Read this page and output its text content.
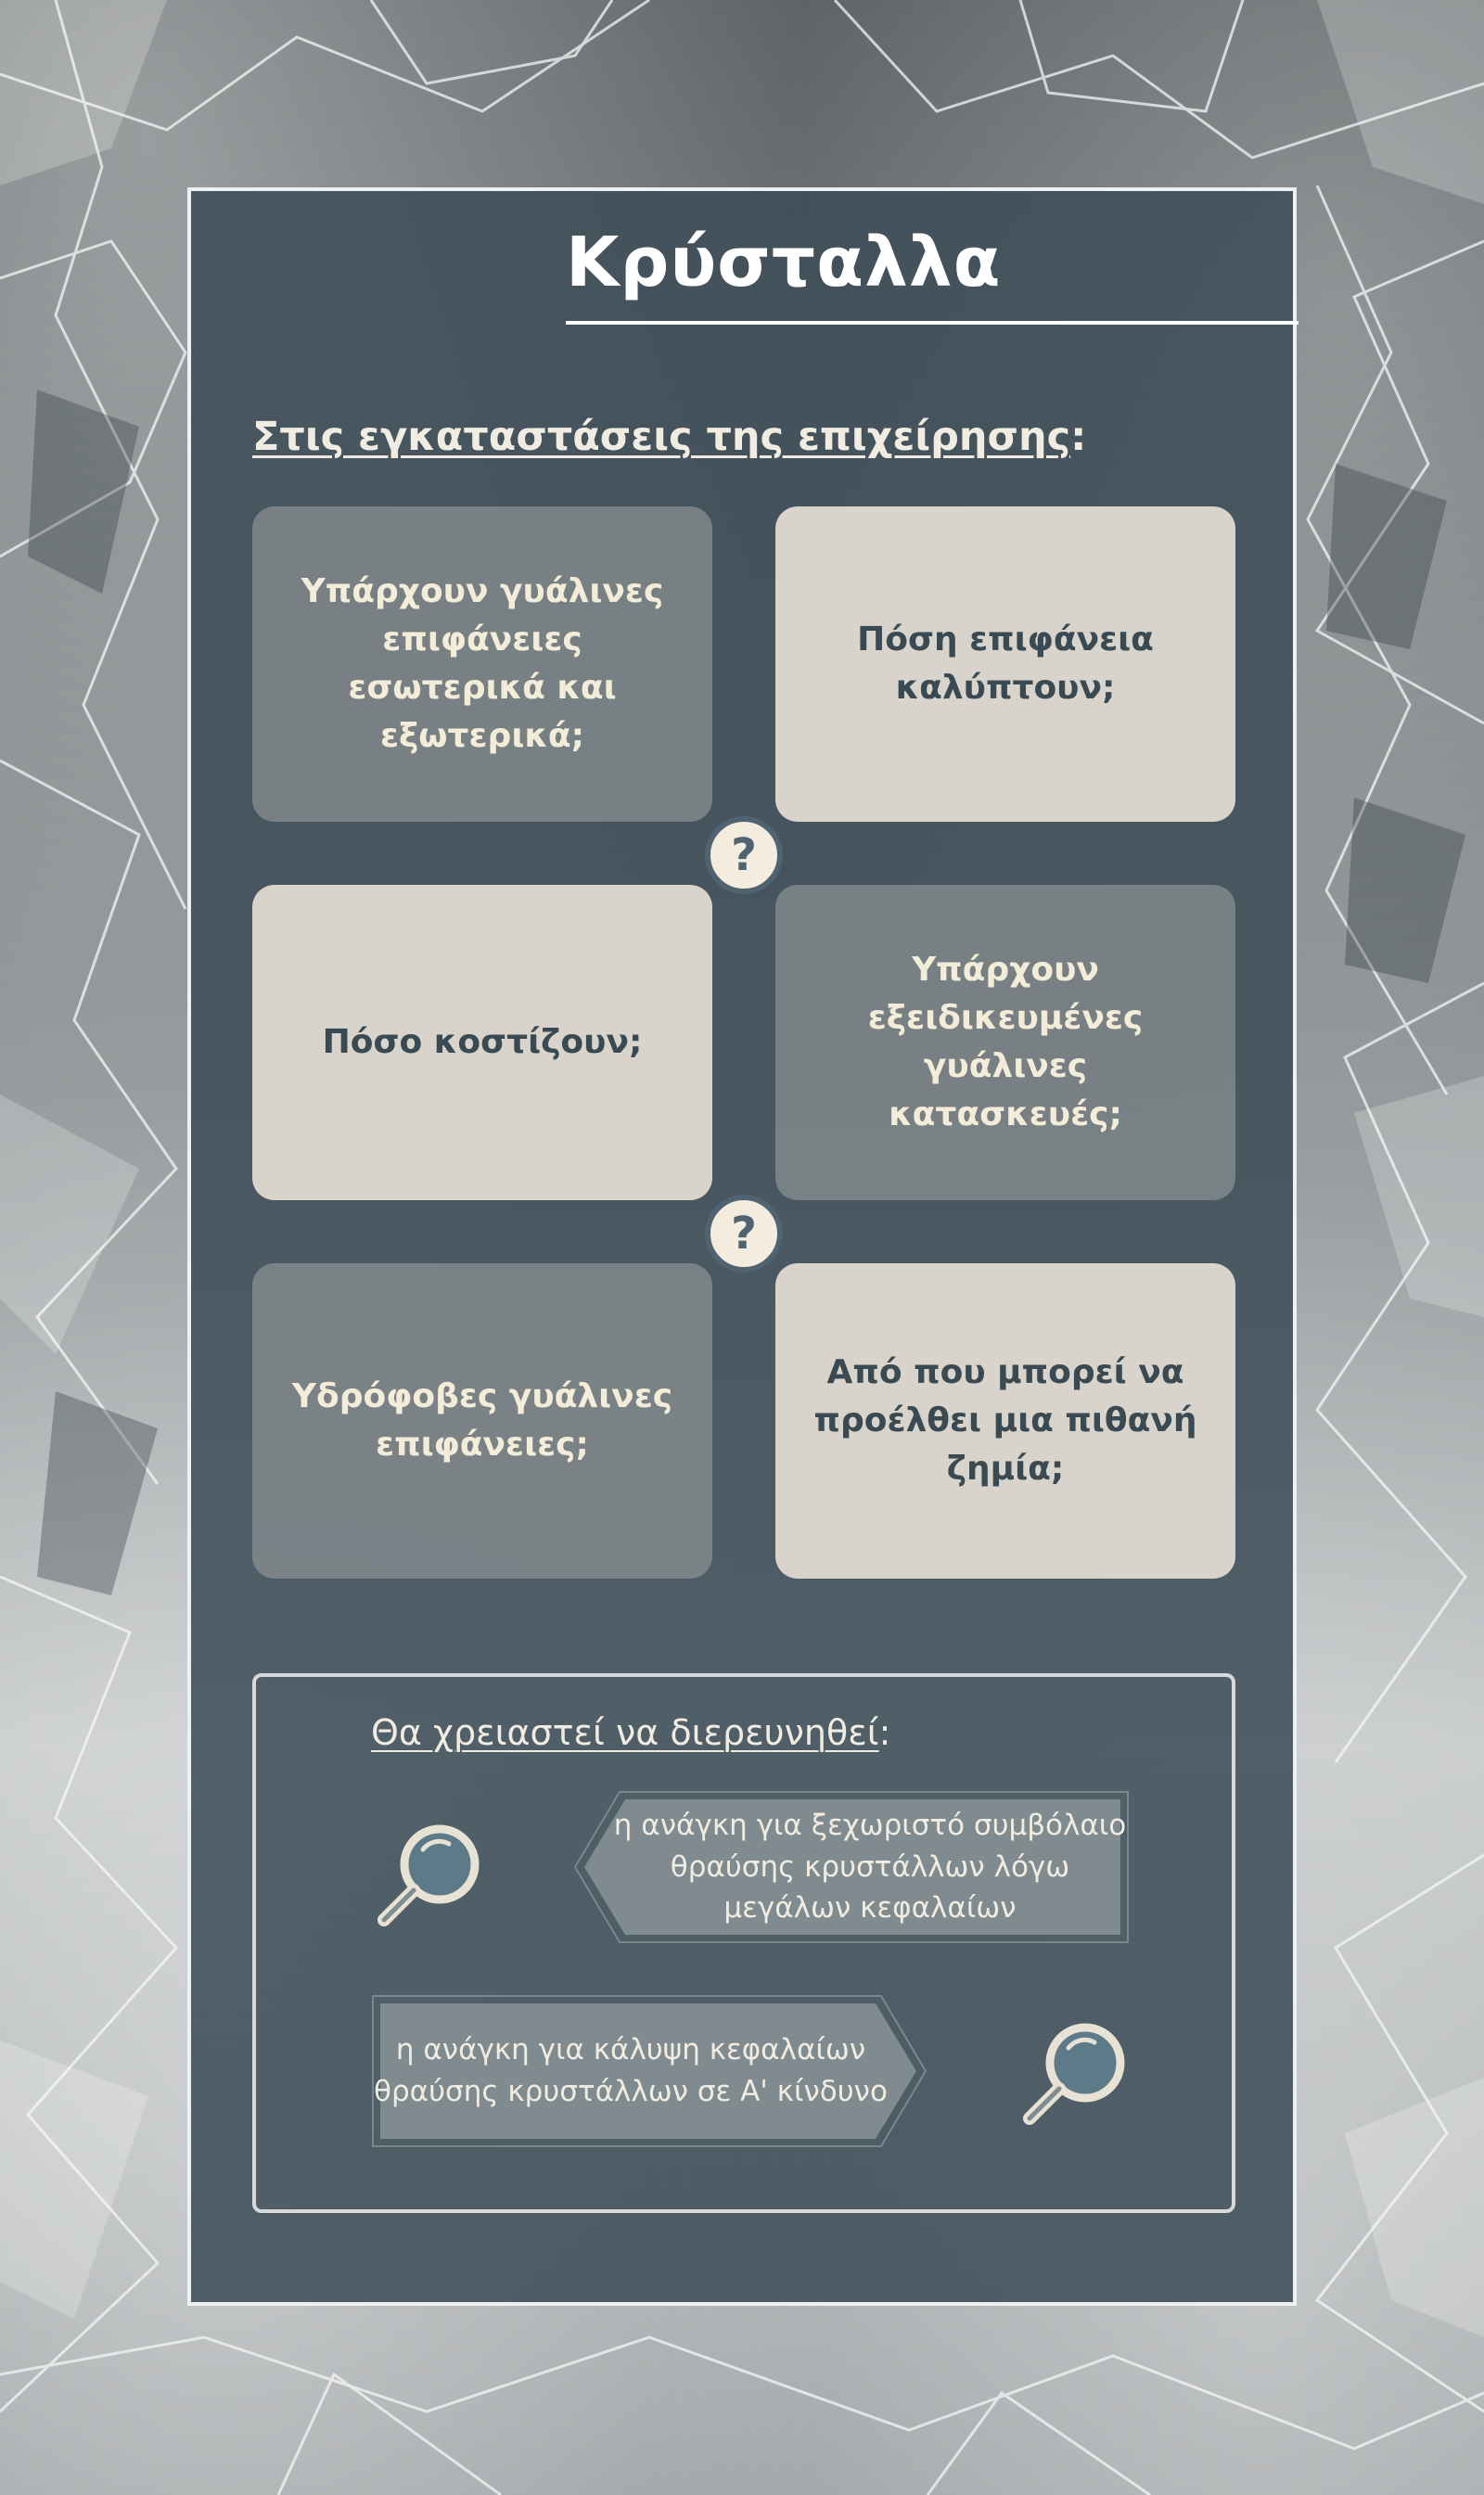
Κρύσταλλα
Στις εγκαταστάσεις της επιχείρησης:
Υπάρχουν γυάλινες επιφάνειες εσωτερικά και εξωτερικά;
Πόση επιφάνεια καλύπτουν;
Πόσο κοστίζουν;
Υπάρχουν εξειδικευμένες γυάλινες κατασκευές;
Υδρόφοβες γυάλινες επιφάνειες;
Από που μπορεί να προέλθει μια πιθανή ζημία;
?
?
Θα χρειαστεί να διερευνηθεί:
η ανάγκη για ξεχωριστό συμβόλαιο θραύσης κρυστάλλων λόγω μεγάλων κεφαλαίων
η ανάγκη για κάλυψη κεφαλαίων θραύσης κρυστάλλων σε Α' κίνδυνο
